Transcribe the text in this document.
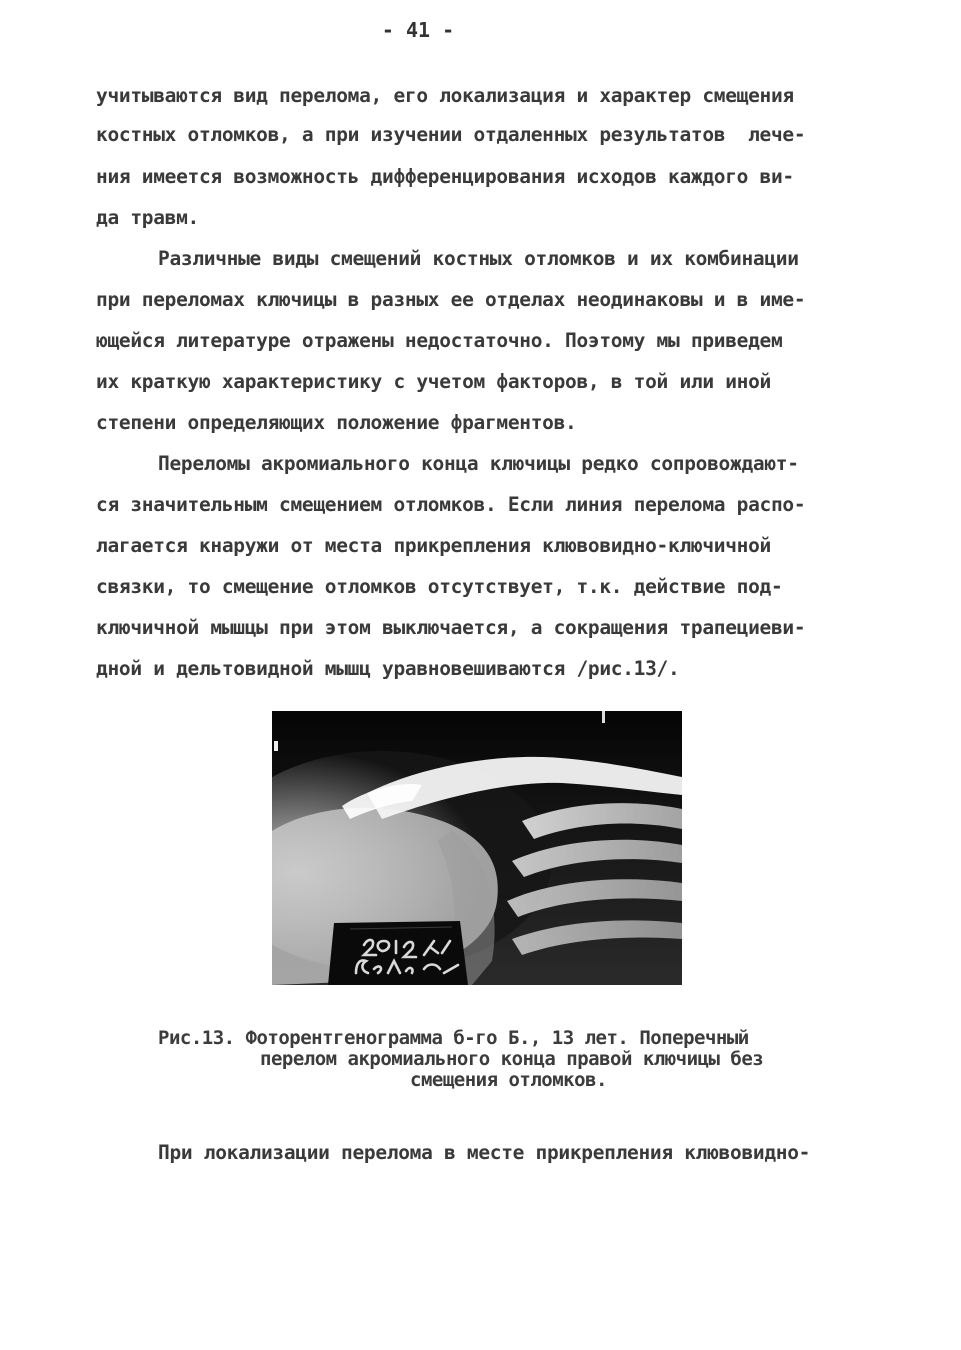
- 41 -
учитываются вид перелома, его локализация и характер смещения
костных отломков, а при изучении отдаленных результатов  лече-
ния имеется возможность дифференцирования исходов каждого ви-
да травм.
Различные виды смещений костных отломков и их комбинации
при переломах ключицы в разных ее отделах неодинаковы и в име-
ющейся литературе отражены недостаточно. Поэтому мы приведем
их краткую характеристику с учетом факторов, в той или иной
степени определяющих положение фрагментов.
Переломы акромиального конца ключицы редко сопровождают-
ся значительным смещением отломков. Если линия перелома распо-
лагается кнаружи от места прикрепления клювовидно-ключичной
связки, то смещение отломков отсутствует, т.к. действие под-
ключичной мышцы при этом выключается, а сокращения трапециеви-
дной и дельтовидной мышц уравновешиваются /рис.13/.
Рис.13. Фоторентгенограмма б-го Б., 13 лет. Поперечный
перелом акромиального конца правой ключицы без
смещения отломков.
При локализации перелома в месте прикрепления клювовидно-
